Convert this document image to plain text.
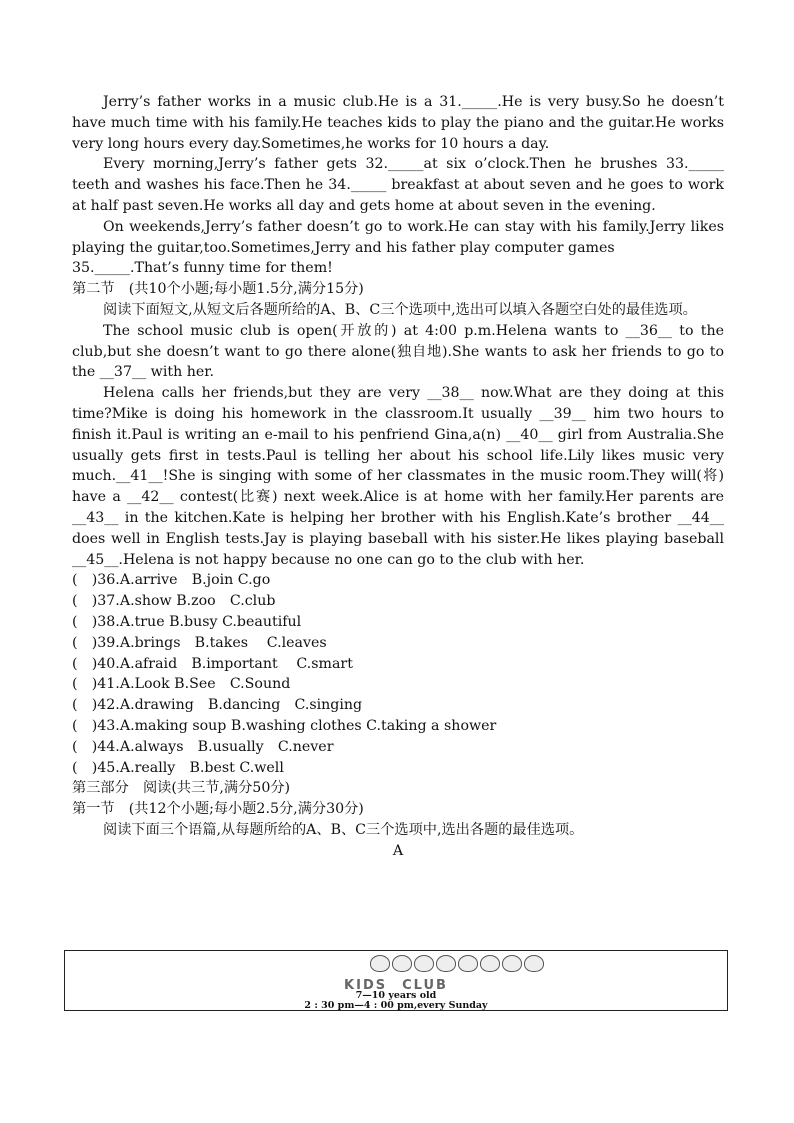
Jerry’s father works in a music club.He is a 31._____.He is very busy.So he doesn’t have much time with his family.He teaches kids to play the piano and the guitar.He works very long hours every day.Sometimes,he works for 10 hours a day.

Every morning,Jerry’s father gets 32._____at six o’clock.Then he brushes 33._____ teeth and washes his face.Then he 34._____ breakfast at about seven and he goes to work at half past seven.He works all day and gets home at about seven in the evening.

On weekends,Jerry’s father doesn’t go to work.He can stay with his family.Jerry likes playing the guitar,too.Sometimes,Jerry and his father play computer games

35._____.That’s funny time for them!

第二节　(共10个小题;每小题1.5分,满分15分)

阅读下面短文,从短文后各题所给的A、B、C三个选项中,选出可以填入各题空白处的最佳选项。

The school music club is open(开放的) at 4:00 p.m.Helena wants to __36__ to the club,but she doesn’t want to go there alone(独自地).She wants to ask her friends to go to the __37__ with her.

Helena calls her friends,but they are very __38__ now.What are they doing at this time?Mike is doing his homework in the classroom.It usually __39__ him two hours to finish it.Paul is writing an e-mail to his penfriend Gina,a(n) __40__ girl from Australia.She usually gets first in tests.Paul is telling her about his school life.Lily likes music very much.__41__!She is singing with some of her classmates in the music room.They will(将) have a __42__ contest(比赛) next week.Alice is at home with her family.Her parents are __43__ in the kitchen.Kate is helping her brother with his English.Kate’s brother __44__ does well in English tests.Jay is playing baseball with his sister.He likes playing baseball __45__.Helena is not happy because no one can go to the club with her.

(　)36.A.arrive　B.join C.go

(　)37.A.show B.zoo　C.club

(　)38.A.true B.busy C.beautiful

(　)39.A.brings　B.takes　 C.leaves

(　)40.A.afraid　B.important　 C.smart

(　)41.A.Look B.See　C.Sound

(　)42.A.drawing　B.dancing　C.singing

(　)43.A.making soup B.washing clothes C.taking a shower

(　)44.A.always　B.usually　C.never

(　)45.A.really　B.best C.well

第三部分　阅读(共三节,满分50分)

第一节　(共12个小题;每小题2.5分,满分30分)

阅读下面三个语篇,从每题所给的A、B、C三个选项中,选出各题的最佳选项。

A

KIDS　CLUB
7—10 years old
2 : 30 pm—4 : 00 pm,every Sunday
